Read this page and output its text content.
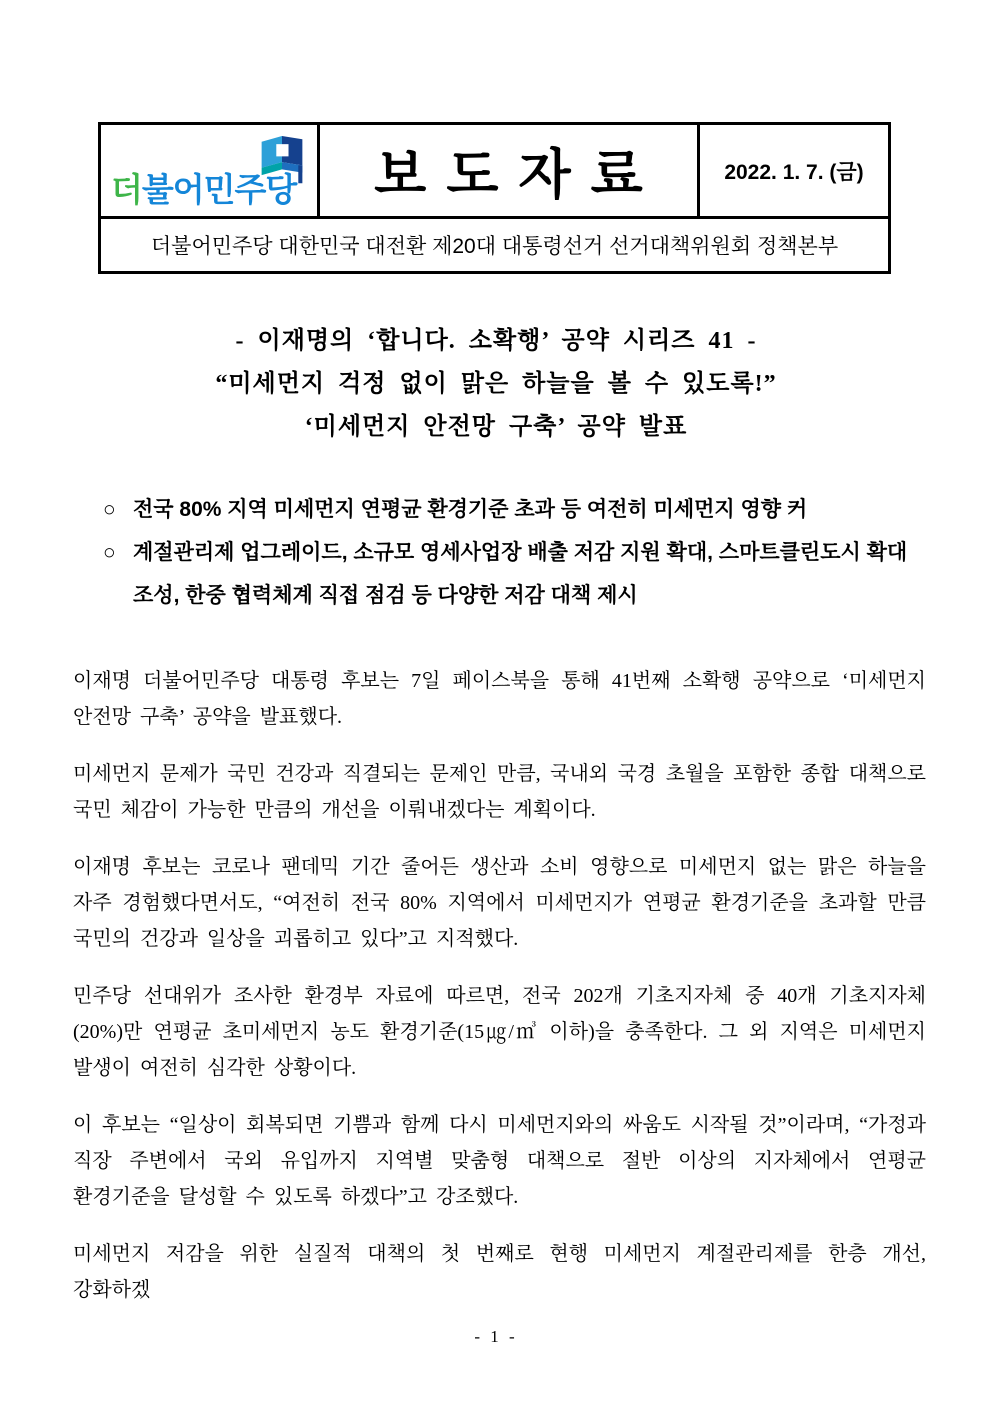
더불어민주당 보도자료	2022. 1. 7. (금)
더불어민주당 대한민국 대전환 제20대 대통령선거 선거대책위원회 정책본부
- 이재명의 ‘합니다. 소확행’ 공약 시리즈 41 -
“미세먼지 걱정 없이 맑은 하늘을 볼 수 있도록!”
‘미세먼지 안전망 구축’ 공약 발표
○ 전국 80% 지역 미세먼지 연평균 환경기준 초과 등 여전히 미세먼지 영향 커
○ 계절관리제 업그레이드, 소규모 영세사업장 배출 저감 지원 확대, 스마트클린도시 확대 조성, 한중 협력체계 직접 점검 등 다양한 저감 대책 제시

이재명 더불어민주당 대통령 후보는 7일 페이스북을 통해 41번째 소확행 공약으로 ‘미세먼지 안전망 구축’ 공약을 발표했다.

미세먼지 문제가 국민 건강과 직결되는 문제인 만큼, 국내외 국경 초월을 포함한 종합 대책으로 국민 체감이 가능한 만큼의 개선을 이뤄내겠다는 계획이다.

이재명 후보는 코로나 팬데믹 기간 줄어든 생산과 소비 영향으로 미세먼지 없는 맑은 하늘을 자주 경험했다면서도, “여전히 전국 80% 지역에서 미세먼지가 연평균 환경기준을 초과할 만큼 국민의 건강과 일상을 괴롭히고 있다”고 지적했다.

민주당 선대위가 조사한 환경부 자료에 따르면, 전국 202개 기초지자체 중 40개 기초지자체(20%)만 연평균 초미세먼지 농도 환경기준(15㎍/㎥ 이하)을 충족한다. 그 외 지역은 미세먼지 발생이 여전히 심각한 상황이다.

이 후보는 “일상이 회복되면 기쁨과 함께 다시 미세먼지와의 싸움도 시작될 것”이라며, “가정과 직장 주변에서 국외 유입까지 지역별 맞춤형 대책으로 절반 이상의 지자체에서 연평균 환경기준을 달성할 수 있도록 하겠다”고 강조했다.

미세먼지 저감을 위한 실질적 대책의 첫 번째로 현행 미세먼지 계절관리제를 한층 개선, 강화하겠

- 1 -
